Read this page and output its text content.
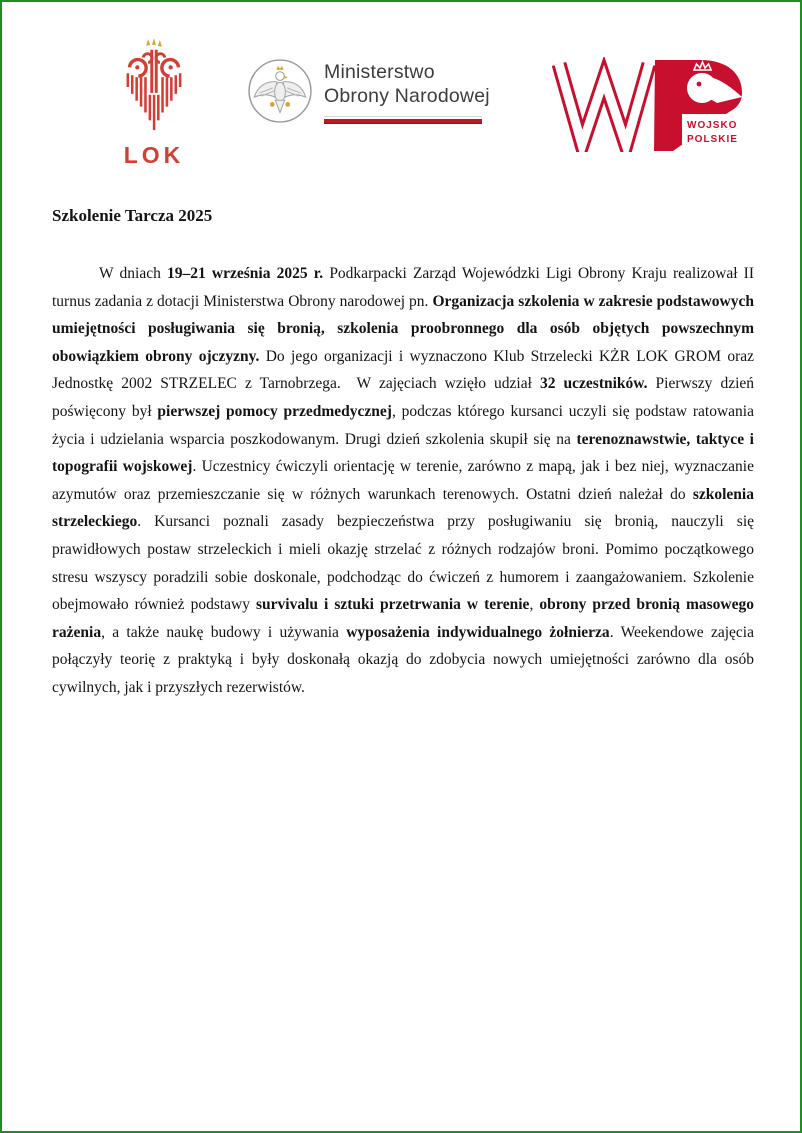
LOK
Ministerstwo
Obrony Narodowej
WOJSKO
POLSKIE
Szkolenie Tarcza 2025

W dniach 19–21 września 2025 r. Podkarpacki Zarząd Wojewódzki Ligi Obrony Kraju realizował II turnus zadania z dotacji Ministerstwa Obrony narodowej pn. Organizacja szkolenia w zakresie podstawowych umiejętności posługiwania się bronią, szkolenia proobronnego dla osób objętych powszechnym obowiązkiem obrony ojczyzny. Do jego organizacji i wyznaczono Klub Strzelecki KŻR LOK GROM oraz Jednostkę 2002 STRZELEC z Tarnobrzega.  W zajęciach wzięło udział 32 uczestników. Pierwszy dzień poświęcony był pierwszej pomocy przedmedycznej, podczas którego kursanci uczyli się podstaw ratowania życia i udzielania wsparcia poszkodowanym. Drugi dzień szkolenia skupił się na terenoznawstwie, taktyce i topografii wojskowej. Uczestnicy ćwiczyli orientację w terenie, zarówno z mapą, jak i bez niej, wyznaczanie azymutów oraz przemieszczanie się w różnych warunkach terenowych. Ostatni dzień należał do szkolenia strzeleckiego. Kursanci poznali zasady bezpieczeństwa przy posługiwaniu się bronią, nauczyli się prawidłowych postaw strzeleckich i mieli okazję strzelać z różnych rodzajów broni. Pomimo początkowego stresu wszyscy poradzili sobie doskonale, podchodząc do ćwiczeń z humorem i zaangażowaniem. Szkolenie obejmowało również podstawy survivalu i sztuki przetrwania w terenie, obrony przed bronią masowego rażenia, a także naukę budowy i używania wyposażenia indywidualnego żołnierza. Weekendowe zajęcia połączyły teorię z praktyką i były doskonałą okazją do zdobycia nowych umiejętności zarówno dla osób cywilnych, jak i przyszłych rezerwistów.
